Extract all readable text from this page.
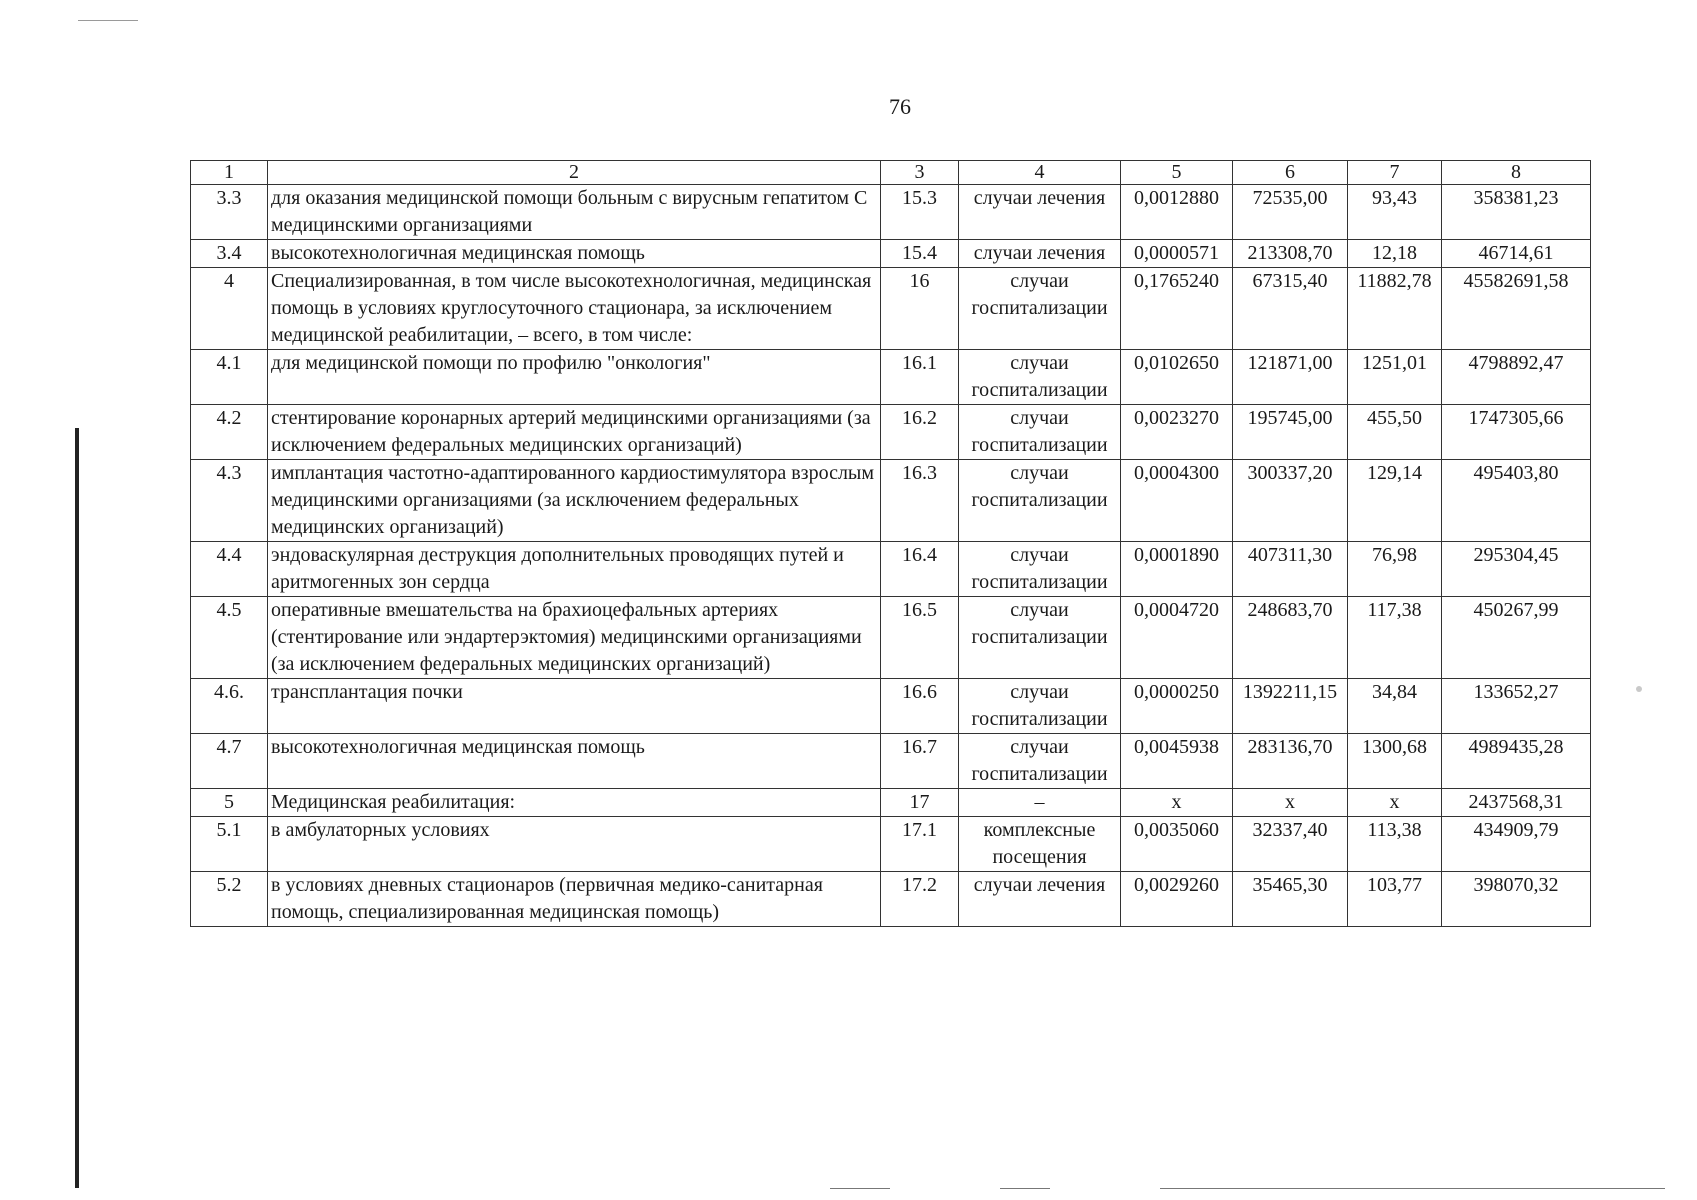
76
1	2	3	4	5	6	7	8
3.3	для оказания медицинской помощи больным с вирусным гепатитом С медицинскими организациями	15.3	случаи лечения	0,0012880	72535,00	93,43	358381,23
3.4	высокотехнологичная медицинская помощь	15.4	случаи лечения	0,0000571	213308,70	12,18	46714,61
4	Специализированная, в том числе высокотехнологичная, медицинская помощь в условиях круглосуточного стационара, за исключением медицинской реабилитации, – всего, в том числе:	16	случаи госпитализации	0,1765240	67315,40	11882,78	45582691,58
4.1	для медицинской помощи по профилю "онкология"	16.1	случаи госпитализации	0,0102650	121871,00	1251,01	4798892,47
4.2	стентирование коронарных артерий медицинскими организациями (за исключением федеральных медицинских организаций)	16.2	случаи госпитализации	0,0023270	195745,00	455,50	1747305,66
4.3	имплантация частотно-адаптированного кардиостимулятора взрослым медицинскими организациями (за исключением федеральных медицинских организаций)	16.3	случаи госпитализации	0,0004300	300337,20	129,14	495403,80
4.4	эндоваскулярная деструкция дополнительных проводящих путей и аритмогенных зон сердца	16.4	случаи госпитализации	0,0001890	407311,30	76,98	295304,45
4.5	оперативные вмешательства на брахиоцефальных артериях (стентирование или эндартерэктомия) медицинскими организациями (за исключением федеральных медицинских организаций)	16.5	случаи госпитализации	0,0004720	248683,70	117,38	450267,99
4.6.	трансплантация почки	16.6	случаи госпитализации	0,0000250	1392211,15	34,84	133652,27
4.7	высокотехнологичная медицинская помощь	16.7	случаи госпитализации	0,0045938	283136,70	1300,68	4989435,28
5	Медицинская реабилитация:	17	–	x	x	x	2437568,31
5.1	в амбулаторных условиях	17.1	комплексные посещения	0,0035060	32337,40	113,38	434909,79
5.2	в условиях дневных стационаров (первичная медико-санитарная помощь, специализированная медицинская помощь)	17.2	случаи лечения	0,0029260	35465,30	103,77	398070,32
